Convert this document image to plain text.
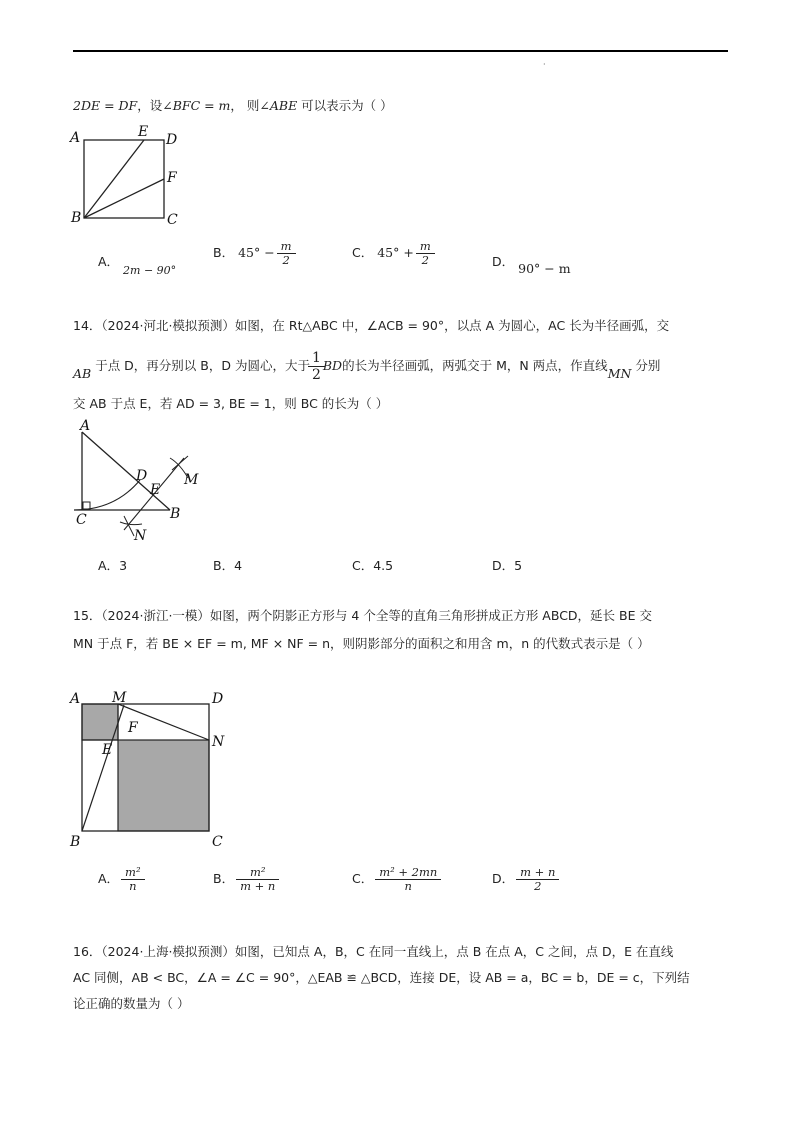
·
2DE = DF，设∠BFC = m， 则∠ABE 可以表示为（ ）
A	E D
F
B	C
A． 2m − 90°
B． $45^\circ - \frac{m}{2}$	C． $45^\circ + \frac{m}{2}$	D． 90° − m
14．（2024·河北·模拟预测）如图，在 Rt△ABC 中，∠ACB = 90°，以点 A 为圆心，AC 长为半径画弧，交
AB 于点 D，再分别以 B，D 为圆心，大于 $\frac{1}{2}$ BD的长为半径画弧，两弧交于 M，N 两点，作直线MN 分别
交 AB 于点 E，若 AD = 3, BE = 1，则 BC 的长为（ ）
A
D
E
M
C	B
N
A．3	B．4	C．4.5	D．5
15．（2024·浙江·一模）如图，两个阴影正方形与 4 个全等的直角三角形拼成正方形 ABCD，延长 BE 交
MN 于点 F，若 BE × EF = m, MF × NF = n，则阴影部分的面积之和用含 m，n 的代数式表示是（ ）
A M	D
F
E	N
B	C
A． $\frac{\text{m²}}{n}$	B． $\frac{\text{m²}}{m + n}$	C． $\frac{\text{m² + 2mn}}{n}$	D． $\frac{m + n}{2}$
16．（2024·上海·模拟预测）如图，已知点 A，B，C 在同一直线上，点 B 在点 A，C 之间，点 D，E 在直线
AC 同侧，AB < BC，∠A = ∠C = 90°，△EAB ≌ △BCD，连接 DE，设 AB = a，BC = b，DE = c，下列结
论正确的数量为（ ）
